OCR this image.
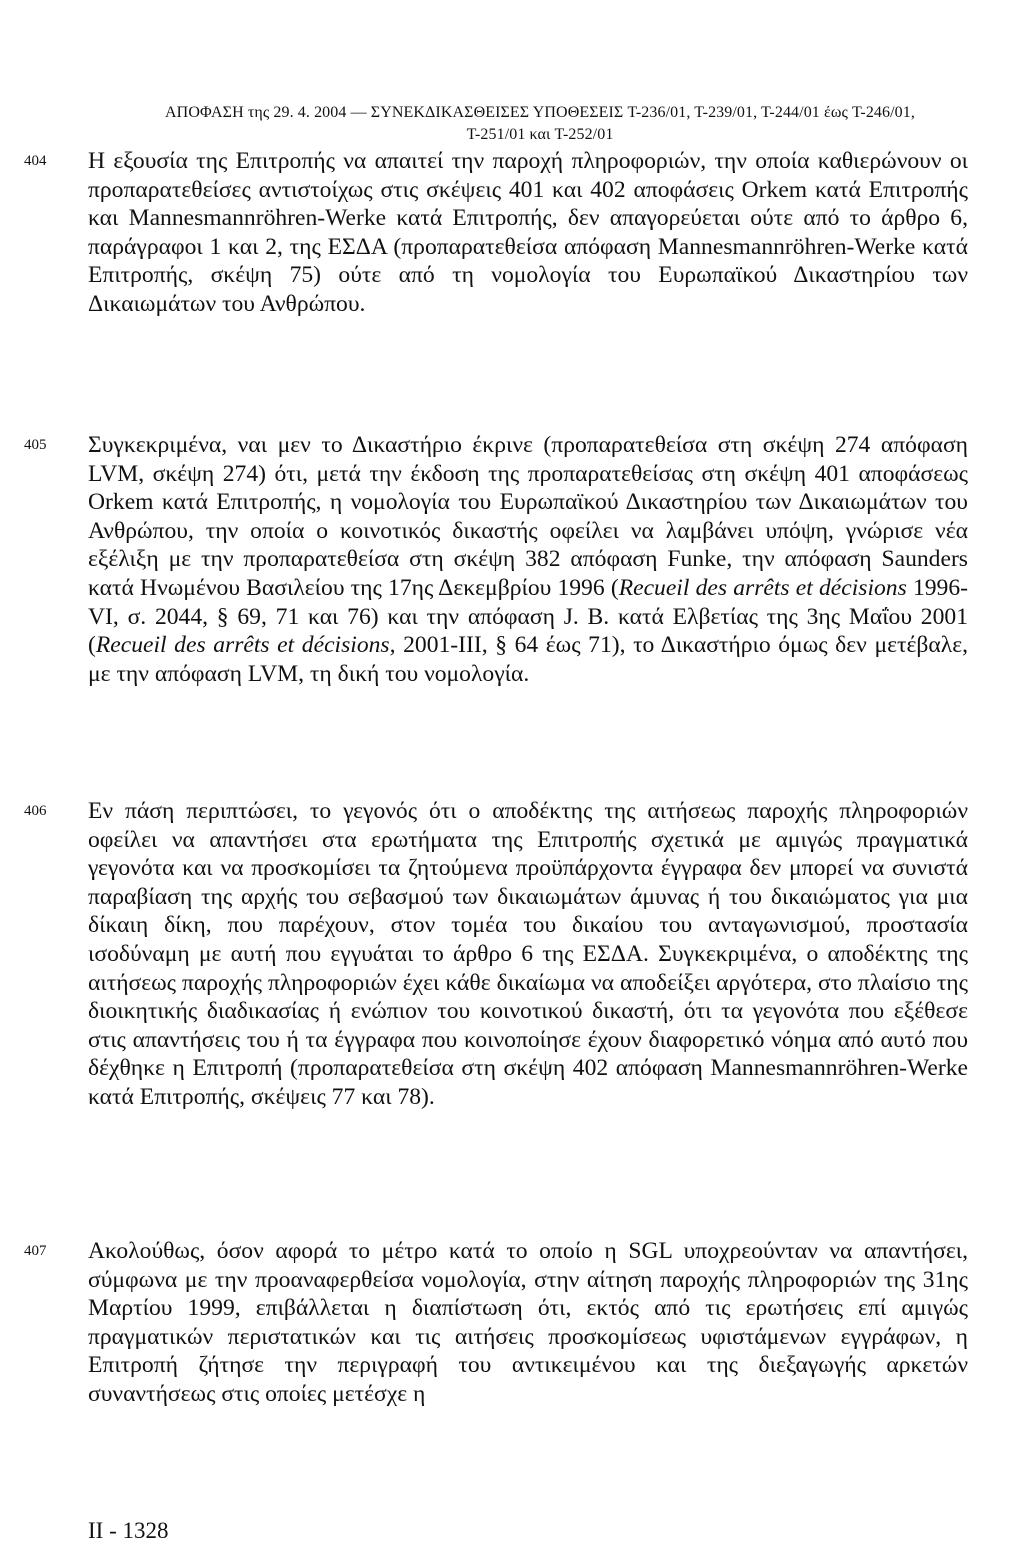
ΑΠΟΦΑΣΗ της 29. 4. 2004 — ΣΥΝΕΚΔΙΚΑΣΘΕΙΣΕΣ ΥΠΟΘΕΣΕΙΣ T-236/01, T-239/01, T-244/01 έως T-246/01,
T-251/01 και T-252/01
404	Η εξουσία της Επιτροπής να απαιτεί την παροχή πληροφοριών, την οποία καθιερώνουν οι προπαρατεθείσες αντιστοίχως στις σκέψεις 401 και 402 αποφάσεις Orkem κατά Επιτροπής και Mannesmannröhren-Werke κατά Επιτροπής, δεν απαγορεύεται ούτε από το άρθρο 6, παράγραφοι 1 και 2, της ΕΣΔΑ (προπαρατεθείσα απόφαση Mannesmannröhren-Werke κατά Επιτροπής, σκέψη 75) ούτε από τη νομολογία του Ευρωπαϊκού Δικαστηρίου των Δικαιωμάτων του Ανθρώπου.
405	Συγκεκριμένα, ναι μεν το Δικαστήριο έκρινε (προπαρατεθείσα στη σκέψη 274 απόφαση LVM, σκέψη 274) ότι, μετά την έκδοση της προπαρατεθείσας στη σκέψη 401 αποφάσεως Orkem κατά Επιτροπής, η νομολογία του Ευρωπαϊκού Δικαστηρίου των Δικαιωμάτων του Ανθρώπου, την οποία ο κοινοτικός δικαστής οφείλει να λαμβάνει υπόψη, γνώρισε νέα εξέλιξη με την προπαρατεθείσα στη σκέψη 382 απόφαση Funke, την απόφαση Saunders κατά Ηνωμένου Βασιλείου της 17ης Δεκεμβρίου 1996 (Recueil des arrêts et décisions 1996-VI, σ. 2044, § 69, 71 και 76) και την απόφαση J. B. κατά Ελβετίας της 3ης Μαΐου 2001 (Recueil des arrêts et décisions, 2001-III, § 64 έως 71), το Δικαστήριο όμως δεν μετέβαλε, με την απόφαση LVM, τη δική του νομολογία.
406	Εν πάση περιπτώσει, το γεγονός ότι ο αποδέκτης της αιτήσεως παροχής πληροφοριών οφείλει να απαντήσει στα ερωτήματα της Επιτροπής σχετικά με αμιγώς πραγματικά γεγονότα και να προσκομίσει τα ζητούμενα προϋπάρχοντα έγγραφα δεν μπορεί να συνιστά παραβίαση της αρχής του σεβασμού των δικαιωμάτων άμυνας ή του δικαιώματος για μια δίκαιη δίκη, που παρέχουν, στον τομέα του δικαίου του ανταγωνισμού, προστασία ισοδύναμη με αυτή που εγγυάται το άρθρο 6 της ΕΣΔΑ. Συγκεκριμένα, ο αποδέκτης της αιτήσεως παροχής πληροφοριών έχει κάθε δικαίωμα να αποδείξει αργότερα, στο πλαίσιο της διοικητικής διαδικασίας ή ενώπιον του κοινοτικού δικαστή, ότι τα γεγονότα που εξέθεσε στις απαντήσεις του ή τα έγγραφα που κοινοποίησε έχουν διαφορετικό νόημα από αυτό που δέχθηκε η Επιτροπή (προπαρατεθείσα στη σκέψη 402 απόφαση Mannesmannröhren-Werke κατά Επιτροπής, σκέψεις 77 και 78).
407	Ακολούθως, όσον αφορά το μέτρο κατά το οποίο η SGL υποχρεούνταν να απαντήσει, σύμφωνα με την προαναφερθείσα νομολογία, στην αίτηση παροχής πληροφοριών της 31ης Μαρτίου 1999, επιβάλλεται η διαπίστωση ότι, εκτός από τις ερωτήσεις επί αμιγώς πραγματικών περιστατικών και τις αιτήσεις προσκομίσεως υφιστάμενων εγγράφων, η Επιτροπή ζήτησε την περιγραφή του αντικειμένου και της διεξαγωγής αρκετών συναντήσεως στις οποίες μετέσχε η
II - 1328
